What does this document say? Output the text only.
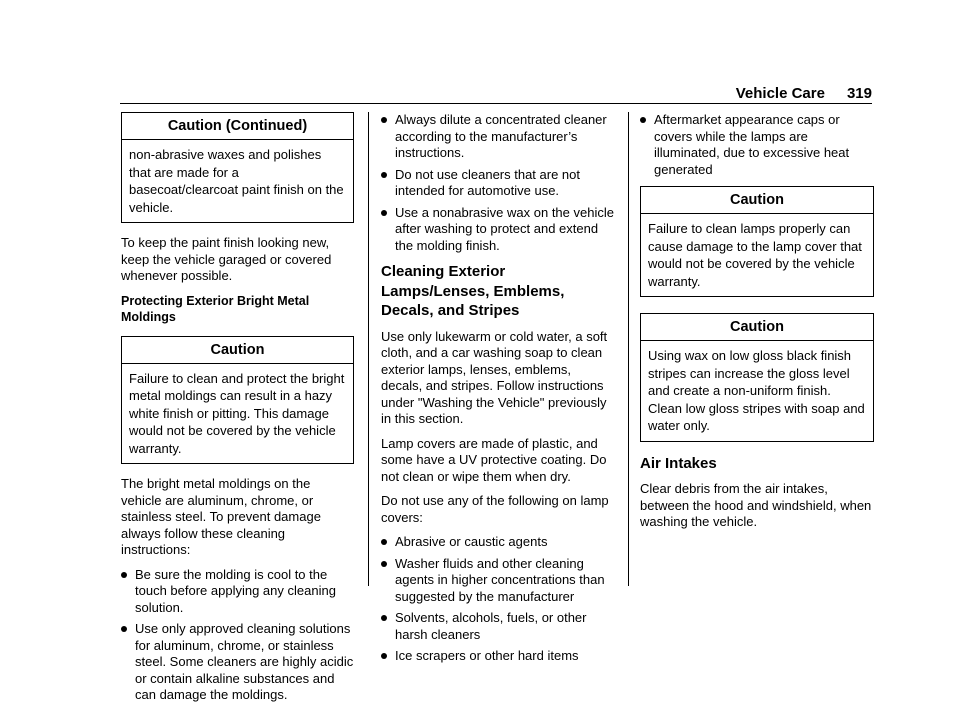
Vehicle Care 319
Caution (Continued)
non-abrasive waxes and polishes that are made for a basecoat/clearcoat paint finish on the vehicle.

To keep the paint finish looking new, keep the vehicle garaged or covered whenever possible.

Protecting Exterior Bright Metal Moldings
Caution
Failure to clean and protect the bright metal moldings can result in a hazy white finish or pitting. This damage would not be covered by the vehicle warranty.

The bright metal moldings on the vehicle are aluminum, chrome, or stainless steel. To prevent damage always follow these cleaning instructions:

Be sure the molding is cool to the touch before applying any cleaning solution.
Use only approved cleaning solutions for aluminum, chrome, or stainless steel. Some cleaners are highly acidic or contain alkaline substances and can damage the moldings.
Always dilute a concentrated cleaner according to the manufacturer’s instructions.
Do not use cleaners that are not intended for automotive use.
Use a nonabrasive wax on the vehicle after washing to protect and extend the molding finish.
Cleaning Exterior Lamps/Lenses, Emblems, Decals, and Stripes

Use only lukewarm or cold water, a soft cloth, and a car washing soap to clean exterior lamps, lenses, emblems, decals, and stripes. Follow instructions under "Washing the Vehicle" previously in this section.

Lamp covers are made of plastic, and some have a UV protective coating. Do not clean or wipe them when dry.

Do not use any of the following on lamp covers:

Abrasive or caustic agents
Washer fluids and other cleaning agents in higher concentrations than suggested by the manufacturer
Solvents, alcohols, fuels, or other harsh cleaners
Ice scrapers or other hard items
Aftermarket appearance caps or covers while the lamps are illuminated, due to excessive heat generated
Caution
Failure to clean lamps properly can cause damage to the lamp cover that would not be covered by the vehicle warranty.
Caution
Using wax on low gloss black finish stripes can increase the gloss level and create a non-uniform finish. Clean low gloss stripes with soap and water only.
Air Intakes

Clear debris from the air intakes, between the hood and windshield, when washing the vehicle.
